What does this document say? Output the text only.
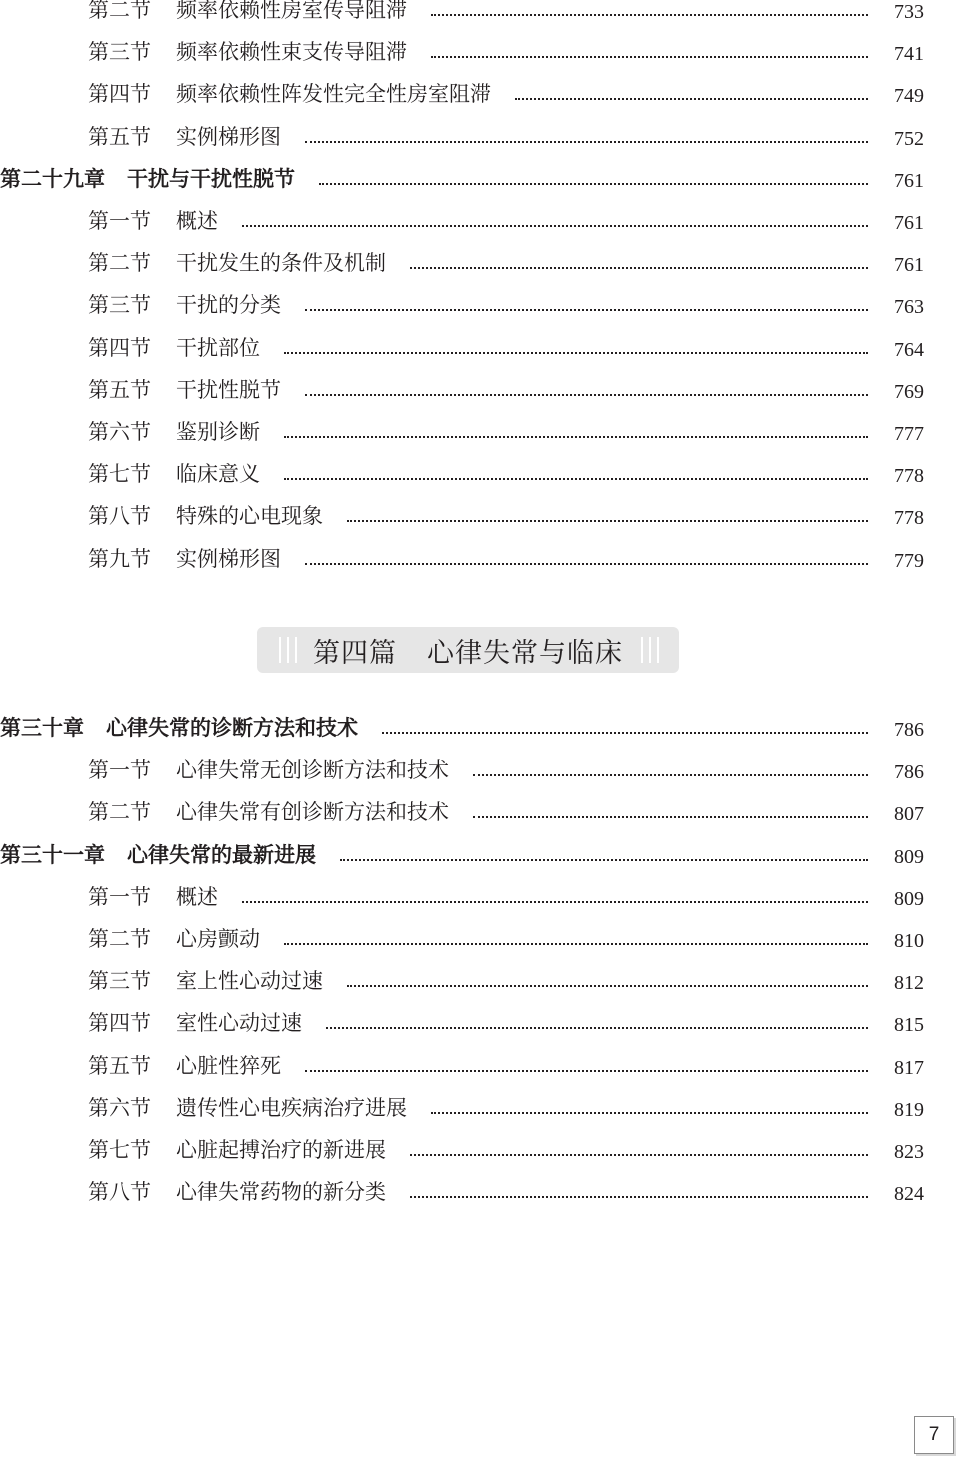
第二节	频率依赖性房室传导阻滞	733
第三节	频率依赖性束支传导阻滞	741
第四节	频率依赖性阵发性完全性房室阻滞	749
第五节	实例梯形图	752
第二十九章 干扰与干扰性脱节	761
第一节	概述	761
第二节	干扰发生的条件及机制	761
第三节	干扰的分类	763
第四节	干扰部位	764
第五节	干扰性脱节	769
第六节	鉴别诊断	777
第七节	临床意义	778
第八节	特殊的心电现象	778
第九节	实例梯形图	779
第四篇 心律失常与临床
第三十章 心律失常的诊断方法和技术	786
第一节	心律失常无创诊断方法和技术	786
第二节	心律失常有创诊断方法和技术	807
第三十一章 心律失常的最新进展	809
第一节	概述	809
第二节	心房颤动	810
第三节	室上性心动过速	812
第四节	室性心动过速	815
第五节	心脏性猝死	817
第六节	遗传性心电疾病治疗进展	819
第七节	心脏起搏治疗的新进展	823
第八节	心律失常药物的新分类	824
7
